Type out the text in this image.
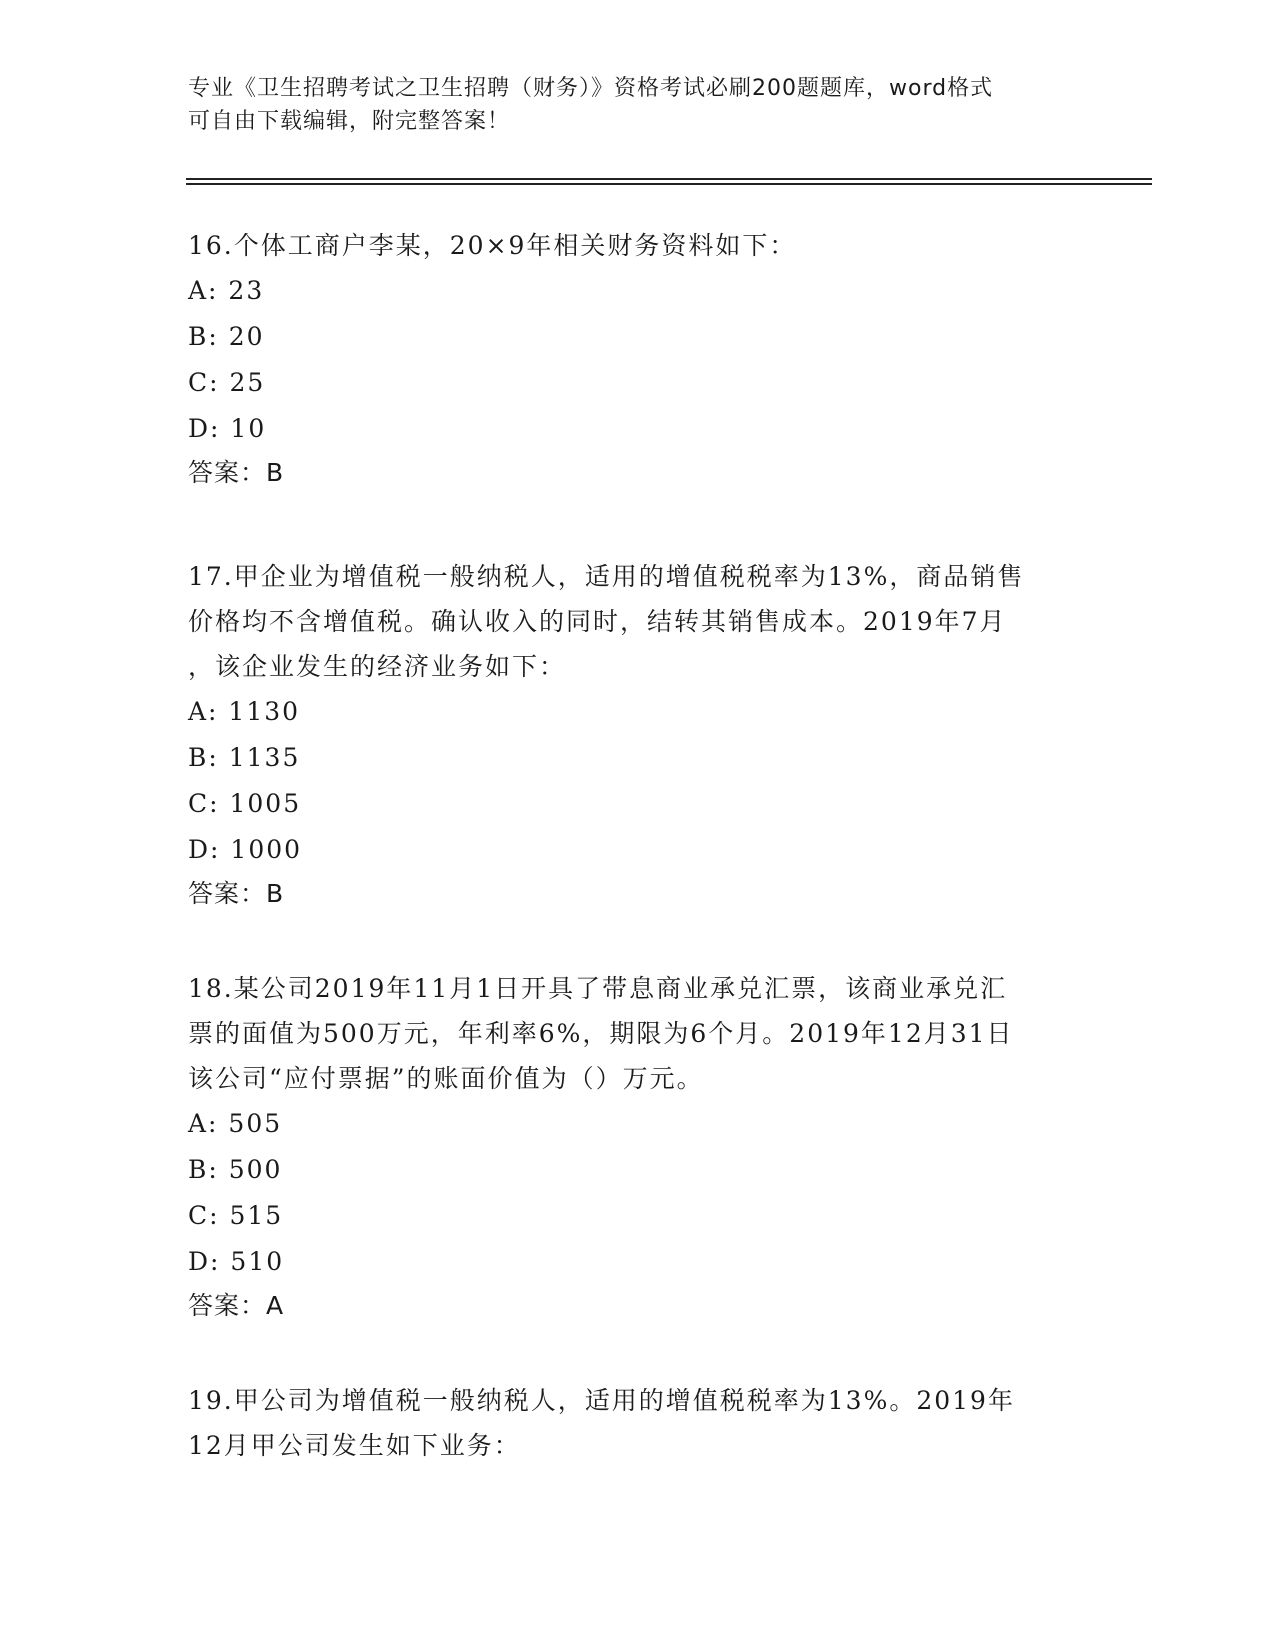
专业《卫生招聘考试之卫生招聘（财务）》资格考试必刷200题题库，word格式
可自由下载编辑，附完整答案！
16.个体工商户李某，20×9年相关财务资料如下：
A: 23
B: 20
C: 25
D: 10
答案：B
17.甲企业为增值税一般纳税人，适用的增值税税率为13%，商品销售
价格均不含增值税。确认收入的同时，结转其销售成本。2019年7月
，该企业发生的经济业务如下：
A: 1130
B: 1135
C: 1005
D: 1000
答案：B
18.某公司2019年11月1日开具了带息商业承兑汇票，该商业承兑汇
票的面值为500万元，年利率6%，期限为6个月。2019年12月31日
该公司“应付票据”的账面价值为（）万元。
A: 505
B: 500
C: 515
D: 510
答案：A
19.甲公司为增值税一般纳税人，适用的增值税税率为13%。2019年
12月甲公司发生如下业务：
